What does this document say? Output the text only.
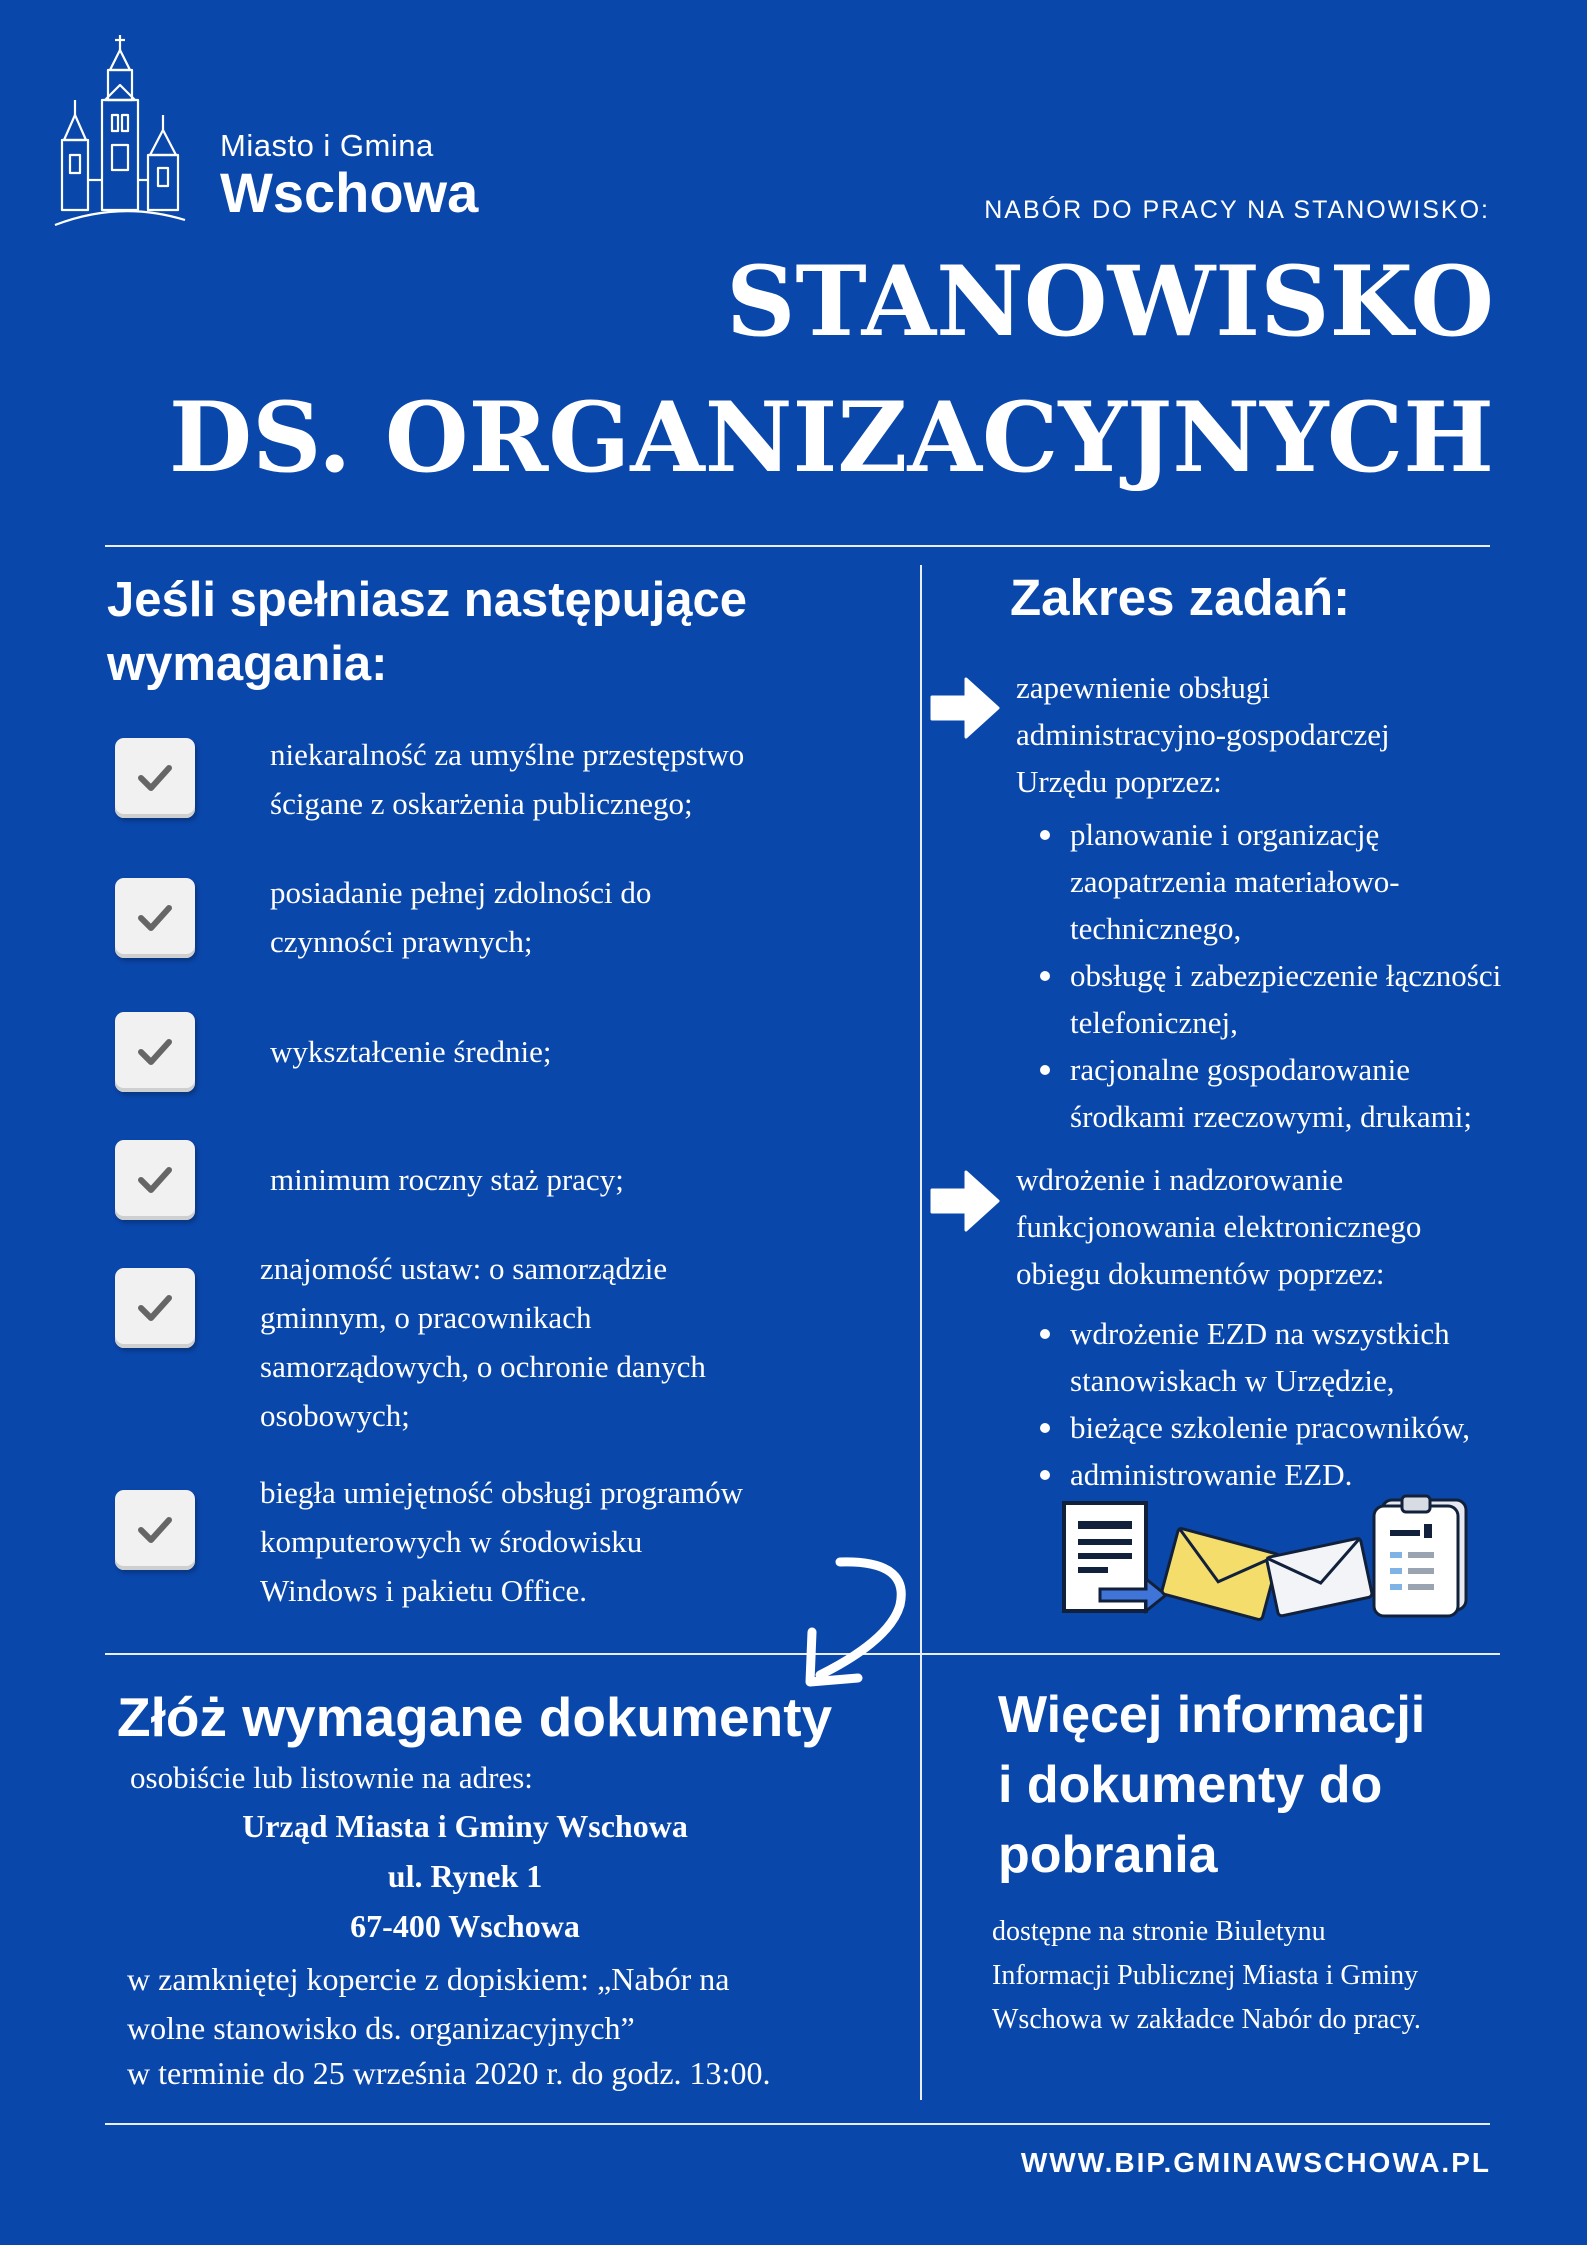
Miasto i Gmina
Wschowa	NABÓR DO PRACY NA STANOWISKO:
STANOWISKO
DS. ORGANIZACYJNYCH
Jeśli spełniasz następujące
wymagania:
niekaralność za umyślne przestępstwo
ścigane z oskarżenia publicznego;
posiadanie pełnej zdolności do
czynności prawnych;
wykształcenie średnie;
minimum roczny staż pracy;
znajomość ustaw: o samorządzie
gminnym, o pracownikach
samorządowych, o ochronie danych
osobowych;
biegła umiejętność obsługi programów
komputerowych w środowisku
Windows i pakietu Office.
Zakres zadań:
zapewnienie obsługi
administracyjno-gospodarczej
Urzędu poprzez:
planowanie i organizację
zaopatrzenia materiałowo-
technicznego,
obsługę i zabezpieczenie łączności
telefonicznej,
racjonalne gospodarowanie
środkami rzeczowymi, drukami;
wdrożenie i nadzorowanie
funkcjonowania elektronicznego
obiegu dokumentów poprzez:
wdrożenie EZD na wszystkich
stanowiskach w Urzędzie,
bieżące szkolenie pracowników,
administrowanie EZD.
Złóż wymagane dokumenty
osobiście lub listownie na adres:
Urząd Miasta i Gminy Wschowa
ul. Rynek 1
67-400 Wschowa
w zamkniętej kopercie z dopiskiem: „Nabór na
wolne stanowisko ds. organizacyjnych”
w terminie do 25 września 2020 r. do godz. 13:00.
Więcej informacji
i dokumenty do
pobrania
dostępne na stronie Biuletynu
Informacji Publicznej Miasta i Gminy
Wschowa w zakładce Nabór do pracy.
WWW.BIP.GMINAWSCHOWA.PL
